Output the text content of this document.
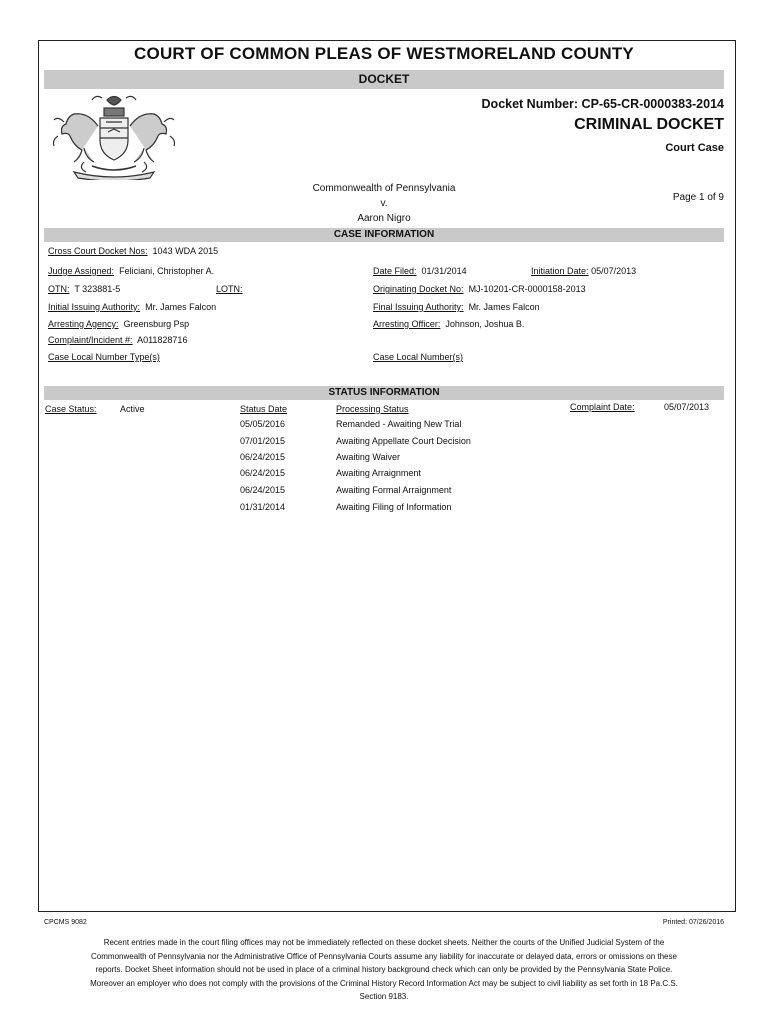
COURT OF COMMON PLEAS OF WESTMORELAND COUNTY
DOCKET
Docket Number: CP-65-CR-0000383-2014
CRIMINAL DOCKET
Court Case
Commonwealth of Pennsylvania
v.
Aaron Nigro
Page 1 of 9
CASE INFORMATION
Cross Court Docket Nos: 1043 WDA 2015
Judge Assigned: Feliciani, Christopher A.	Date Filed: 01/31/2014	Initiation Date: 05/07/2013
OTN: T 323881-5	LOTN:	Originating Docket No: MJ-10201-CR-0000158-2013
Initial Issuing Authority: Mr. James Falcon	Final Issuing Authority: Mr. James Falcon
Arresting Agency: Greensburg Psp	Arresting Officer: Johnson, Joshua B.
Complaint/Incident #: A011828716
Case Local Number Type(s)	Case Local Number(s)
STATUS INFORMATION
Case Status:	Active	Status Date	Processing Status	Complaint Date:	05/07/2013
05/05/2016	Remanded - Awaiting New Trial
07/01/2015	Awaiting Appellate Court Decision
06/24/2015	Awaiting Waiver
06/24/2015	Awaiting Arraignment
06/24/2015	Awaiting Formal Arraignment
01/31/2014	Awaiting Filing of Information
CPCMS 9082	Printed: 07/26/2016
Recent entries made in the court filing offices may not be immediately reflected on these docket sheets. Neither the courts of the Unified Judicial System of the Commonwealth of Pennsylvania nor the Administrative Office of Pennsylvania Courts assume any liability for inaccurate or delayed data, errors or omissions on these reports. Docket Sheet information should not be used in place of a criminal history background check which can only be provided by the Pennsylvania State Police. Moreover an employer who does not comply with the provisions of the Criminal History Record Information Act may be subject to civil liability as set forth in 18 Pa.C.S. Section 9183.
